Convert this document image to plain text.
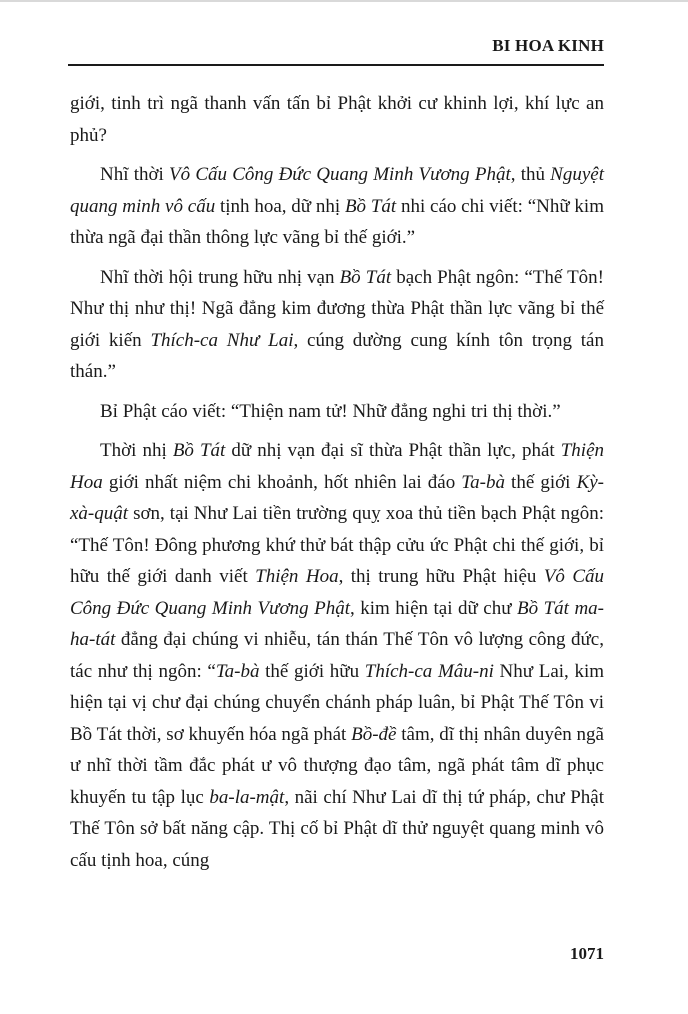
BI HOA KINH

giới, tinh trì ngã thanh vấn tấn bỉ Phật khởi cư khinh lợi, khí lực an phủ?

Nhĩ thời Vô Cấu Công Đức Quang Minh Vương Phật, thủ Nguyệt quang minh vô cấu tịnh hoa, dữ nhị Bồ Tát nhi cáo chi viết: “Nhữ kim thừa ngã đại thần thông lực vãng bỉ thế giới.”

Nhĩ thời hội trung hữu nhị vạn Bồ Tát bạch Phật ngôn: “Thế Tôn! Như thị như thị! Ngã đẳng kim đương thừa Phật thần lực vãng bỉ thế giới kiến Thích-ca Như Lai, cúng dường cung kính tôn trọng tán thán.”

Bỉ Phật cáo viết: “Thiện nam tử! Nhữ đẳng nghi tri thị thời.”

Thời nhị Bồ Tát dữ nhị vạn đại sĩ thừa Phật thần lực, phát Thiện Hoa giới nhất niệm chi khoảnh, hốt nhiên lai đáo Ta-bà thế giới Kỳ-xà-quật sơn, tại Như Lai tiền trường quỵ xoa thủ tiền bạch Phật ngôn: “Thế Tôn! Đông phương khứ thử bát thập cửu ức Phật chi thế giới, bỉ hữu thế giới danh viết Thiện Hoa, thị trung hữu Phật hiệu Vô Cấu Công Đức Quang Minh Vương Phật, kim hiện tại dữ chư Bồ Tát ma-ha-tát đẳng đại chúng vi nhiễu, tán thán Thế Tôn vô lượng công đức, tác như thị ngôn: “Ta-bà thế giới hữu Thích-ca Mâu-ni Như Lai, kim hiện tại vị chư đại chúng chuyển chánh pháp luân, bỉ Phật Thế Tôn vi Bồ Tát thời, sơ khuyến hóa ngã phát Bồ-đề tâm, dĩ thị nhân duyên ngã ư nhĩ thời tầm đắc phát ư vô thượng đạo tâm, ngã phát tâm dĩ phục khuyến tu tập lục ba-la-mật, nãi chí Như Lai dĩ thị tứ pháp, chư Phật Thế Tôn sở bất năng cập. Thị cố bỉ Phật dĩ thử nguyệt quang minh vô cấu tịnh hoa, cúng

1071
